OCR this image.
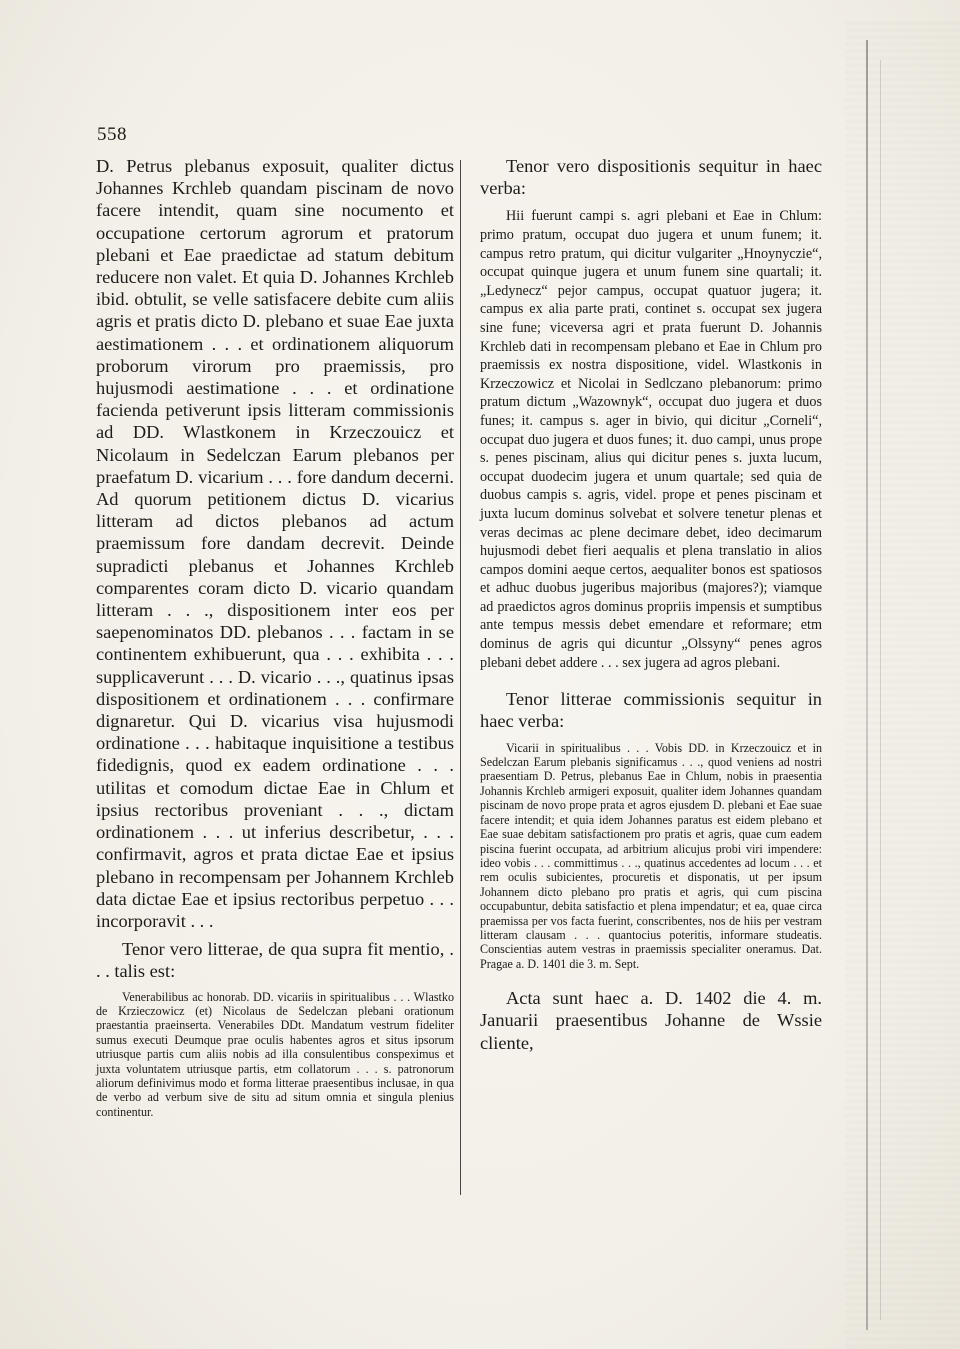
558

D. Petrus plebanus exposuit, qualiter dictus Johannes Krchleb quandam piscinam de novo facere intendit, quam sine nocumento et occupatione certorum agrorum et pratorum plebani et Eae praedictae ad statum debitum reducere non valet. Et quia D. Johannes Krchleb ibid. obtulit, se velle satisfacere debite cum aliis agris et pratis dicto D. plebano et suae Eae juxta aestimationem . . . et ordinationem aliquorum proborum virorum pro praemissis, pro hujusmodi aestimatione . . . et ordinatione facienda petiverunt ipsis litteram commissionis ad DD. Wlastkonem in Krzeczouicz et Nicolaum in Sedelczan Earum plebanos per praefatum D. vicarium . . . fore dandum decerni. Ad quorum petitionem dictus D. vicarius litteram ad dictos plebanos ad actum praemissum fore dandam decrevit. Deinde supradicti plebanus et Johannes Krchleb comparentes coram dicto D. vicario quandam litteram . . ., dispositionem inter eos per saepenominatos DD. plebanos . . . factam in se continentem exhibuerunt, qua . . . exhibita . . . supplicaverunt . . . D. vicario . . ., quatinus ipsas dispositionem et ordinationem . . . confirmare dignaretur. Qui D. vicarius visa hujusmodi ordinatione . . . habitaque inquisitione a testibus fidedignis, quod ex eadem ordinatione . . . utilitas et comodum dictae Eae in Chlum et ipsius rectoribus proveniant . . ., dictam ordinationem . . . ut inferius describetur, . . . confirmavit, agros et prata dictae Eae et ipsius plebano in recompensam per Johannem Krchleb data dictae Eae et ipsius rectoribus perpetuo . . . incorporavit . . .

Tenor vero litterae, de qua supra fit mentio, . . . talis est:

Venerabilibus ac honorab. DD. vicariis in spiritualibus . . . Wlastko de Krzieczowicz (et) Nicolaus de Sedelczan plebani orationum praestantia praeinserta. Venerabiles DDt. Mandatum vestrum fideliter sumus executi Deumque prae oculis habentes agros et situs ipsorum utriusque partis cum aliis nobis ad illa consulentibus conspeximus et juxta voluntatem utriusque partis, etm collatorum . . . s. patronorum aliorum definivimus modo et forma litterae praesentibus inclusae, in qua de verbo ad verbum sive de situ ad situm omnia et singula plenius continentur.

Tenor vero dispositionis sequitur in haec verba:

Hii fuerunt campi s. agri plebani et Eae in Chlum: primo pratum, occupat duo jugera et unum funem; it. campus retro pratum, qui dicitur vulgariter „Hnoynyczie“, occupat quinque jugera et unum funem sine quartali; it. „Ledynecz“ pejor campus, occupat quatuor jugera; it. campus ex alia parte prati, continet s. occupat sex jugera sine fune; viceversa agri et prata fuerunt D. Johannis Krchleb dati in recompensam plebano et Eae in Chlum pro praemissis ex nostra dispositione, videl. Wlastkonis in Krzeczowicz et Nicolai in Sedlczano plebanorum: primo pratum dictum „Wazownyk“, occupat duo jugera et duos funes; it. campus s. ager in bivio, qui dicitur „Corneli“, occupat duo jugera et duos funes; it. duo campi, unus prope s. penes piscinam, alius qui dicitur penes s. juxta lucum, occupat duodecim jugera et unum quartale; sed quia de duobus campis s. agris, videl. prope et penes piscinam et juxta lucum dominus solvebat et solvere tenetur plenas et veras decimas ac plene decimare debet, ideo decimarum hujusmodi debet fieri aequalis et plena translatio in alios campos domini aeque certos, aequaliter bonos est spatiosos et adhuc duobus jugeribus majoribus (majores?); viamque ad praedictos agros dominus propriis impensis et sumptibus ante tempus messis debet emendare et reformare; etm dominus de agris qui dicuntur „Olssyny“ penes agros plebani debet addere . . . sex jugera ad agros plebani.

Tenor litterae commissionis sequitur in haec verba:

Vicarii in spiritualibus . . . Vobis DD. in Krzeczouicz et in Sedelczan Earum plebanis significamus . . ., quod veniens ad nostri praesentiam D. Petrus, plebanus Eae in Chlum, nobis in praesentia Johannis Krchleb armigeri exposuit, qualiter idem Johannes quandam piscinam de novo prope prata et agros ejusdem D. plebani et Eae suae facere intendit; et quia idem Johannes paratus est eidem plebano et Eae suae debitam satisfactionem pro pratis et agris, quae cum eadem piscina fuerint occupata, ad arbitrium alicujus probi viri impendere: ideo vobis . . . committimus . . ., quatinus accedentes ad locum . . . et rem oculis subicientes, procuretis et disponatis, ut per ipsum Johannem dicto plebano pro pratis et agris, qui cum piscina occupabuntur, debita satisfactio et plena impendatur; et ea, quae circa praemissa per vos facta fuerint, conscribentes, nos de hiis per vestram litteram clausam . . . quantocius poteritis, informare studeatis. Conscientias autem vestras in praemissis specialiter oneramus. Dat. Pragae a. D. 1401 die 3. m. Sept.

Acta sunt haec a. D. 1402 die 4. m. Januarii praesentibus Johanne de Wssie cliente,
